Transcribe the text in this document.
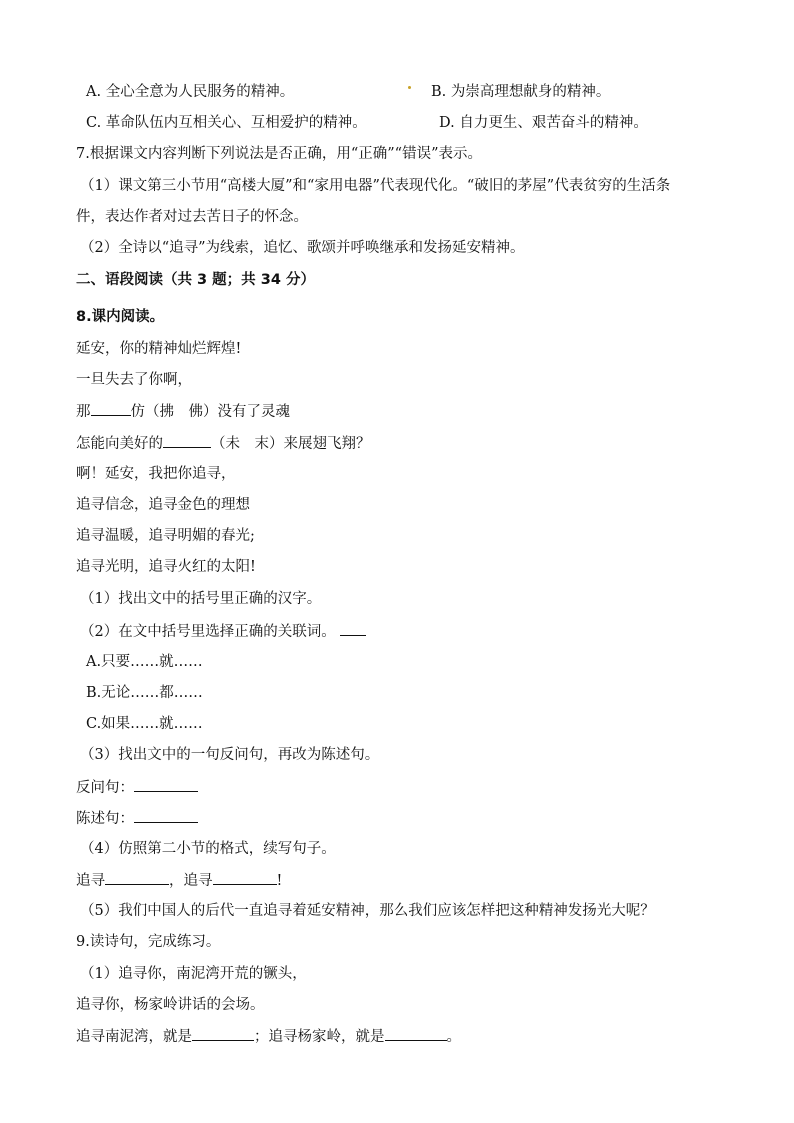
A. 全心全意为人民服务的精神。	B. 为崇高理想献身的精神。
C. 革命队伍内互相关心、互相爱护的精神。	D. 自力更生、艰苦奋斗的精神。
7.根据课文内容判断下列说法是否正确，用“正确”“错误”表示。
（1）课文第三小节用“高楼大厦”和“家用电器”代表现代化。“破旧的茅屋”代表贫穷的生活条
件，表达作者对过去苦日子的怀念。
（2）全诗以“追寻”为线索，追忆、歌颂并呼唤继承和发扬延安精神。
二、语段阅读（共 3 题；共 34 分）
8.课内阅读。
延安，你的精神灿烂辉煌!
一旦失去了你啊，
那	仿（拂　佛）没有了灵魂
怎能向美好的	（未　末）来展翅飞翔？
啊！延安，我把你追寻，
追寻信念，追寻金色的理想
追寻温暖，追寻明媚的春光;
追寻光明，追寻火红的太阳!
（1）找出文中的括号里正确的汉字。
（2）在文中括号里选择正确的关联词。
A.只要……就……
B.无论……都……
C.如果……就……
（3）找出文中的一句反问句，再改为陈述句。
反问句：
陈述句：
（4）仿照第二小节的格式，续写句子。
追寻	，追寻	!
（5）我们中国人的后代一直追寻着延安精神，那么我们应该怎样把这种精神发扬光大呢？
9.读诗句，完成练习。
（1）追寻你，南泥湾开荒的镢头，
追寻你，杨家岭讲话的会场。
追寻南泥湾，就是	；追寻杨家岭，就是	。
